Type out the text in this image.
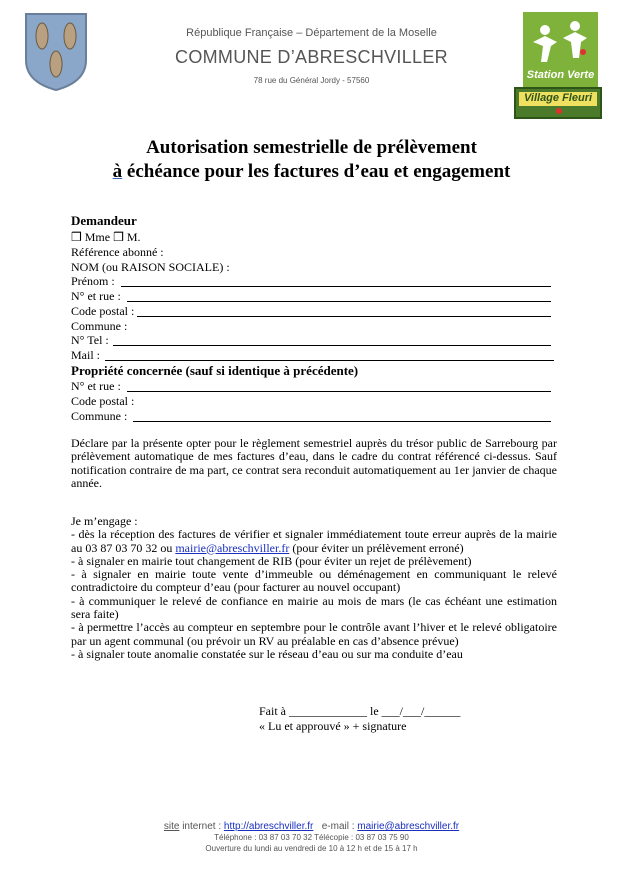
République Française – Département de la Moselle
COMMUNE D’ABRESCHVILLER
78 rue du Général Jordy - 57560	Station Verte
Village Fleuri
Autorisation semestrielle de prélèvement
à échéance pour les factures d’eau et engagement
Demandeur
❒ Mme ❒ M.
Référence abonné :
NOM (ou RAISON SOCIALE) :
Prénom :
N° et rue :
Code postal :
Commune :
N° Tel :
Mail :
Propriété concernée (sauf si identique à précédente)
N° et rue :
Code postal :
Commune :
Déclare par la présente opter pour le règlement semestriel auprès du trésor public de Sarrebourg par prélèvement automatique de mes factures d’eau, dans le cadre du contrat référencé ci-dessus. Sauf notification contraire de ma part, ce contrat sera reconduit automatiquement au 1er janvier de chaque année.

Je m’engage :

- dès la réception des factures de vérifier et signaler immédiatement toute erreur auprès de la mairie au 03 87 03 70 32 ou mairie@abreschviller.fr (pour éviter un prélèvement erroné)

- à signaler en mairie tout changement de RIB (pour éviter un rejet de prélèvement)

- à signaler en mairie toute vente d’immeuble ou déménagement en communiquant le relevé contradictoire du compteur d’eau (pour facturer au nouvel occupant)

- à communiquer le relevé de confiance en mairie au mois de mars (le cas échéant une estimation sera faite)

- à permettre l’accès au compteur en septembre pour le contrôle avant l’hiver et le relevé obligatoire par un agent communal (ou prévoir un RV au préalable en cas d’absence prévue)

- à signaler toute anomalie constatée sur le réseau d’eau ou sur ma conduite d’eau

Fait à _____________ le ___/___/______
« Lu et approuvé » + signature
site internet : http://abreschviller.fr e-mail : mairie@abreschviller.fr
Téléphone : 03 87 03 70 32 Télécopie : 03 87 03 75 90
Ouverture du lundi au vendredi de 10 à 12 h et de 15 à 17 h
